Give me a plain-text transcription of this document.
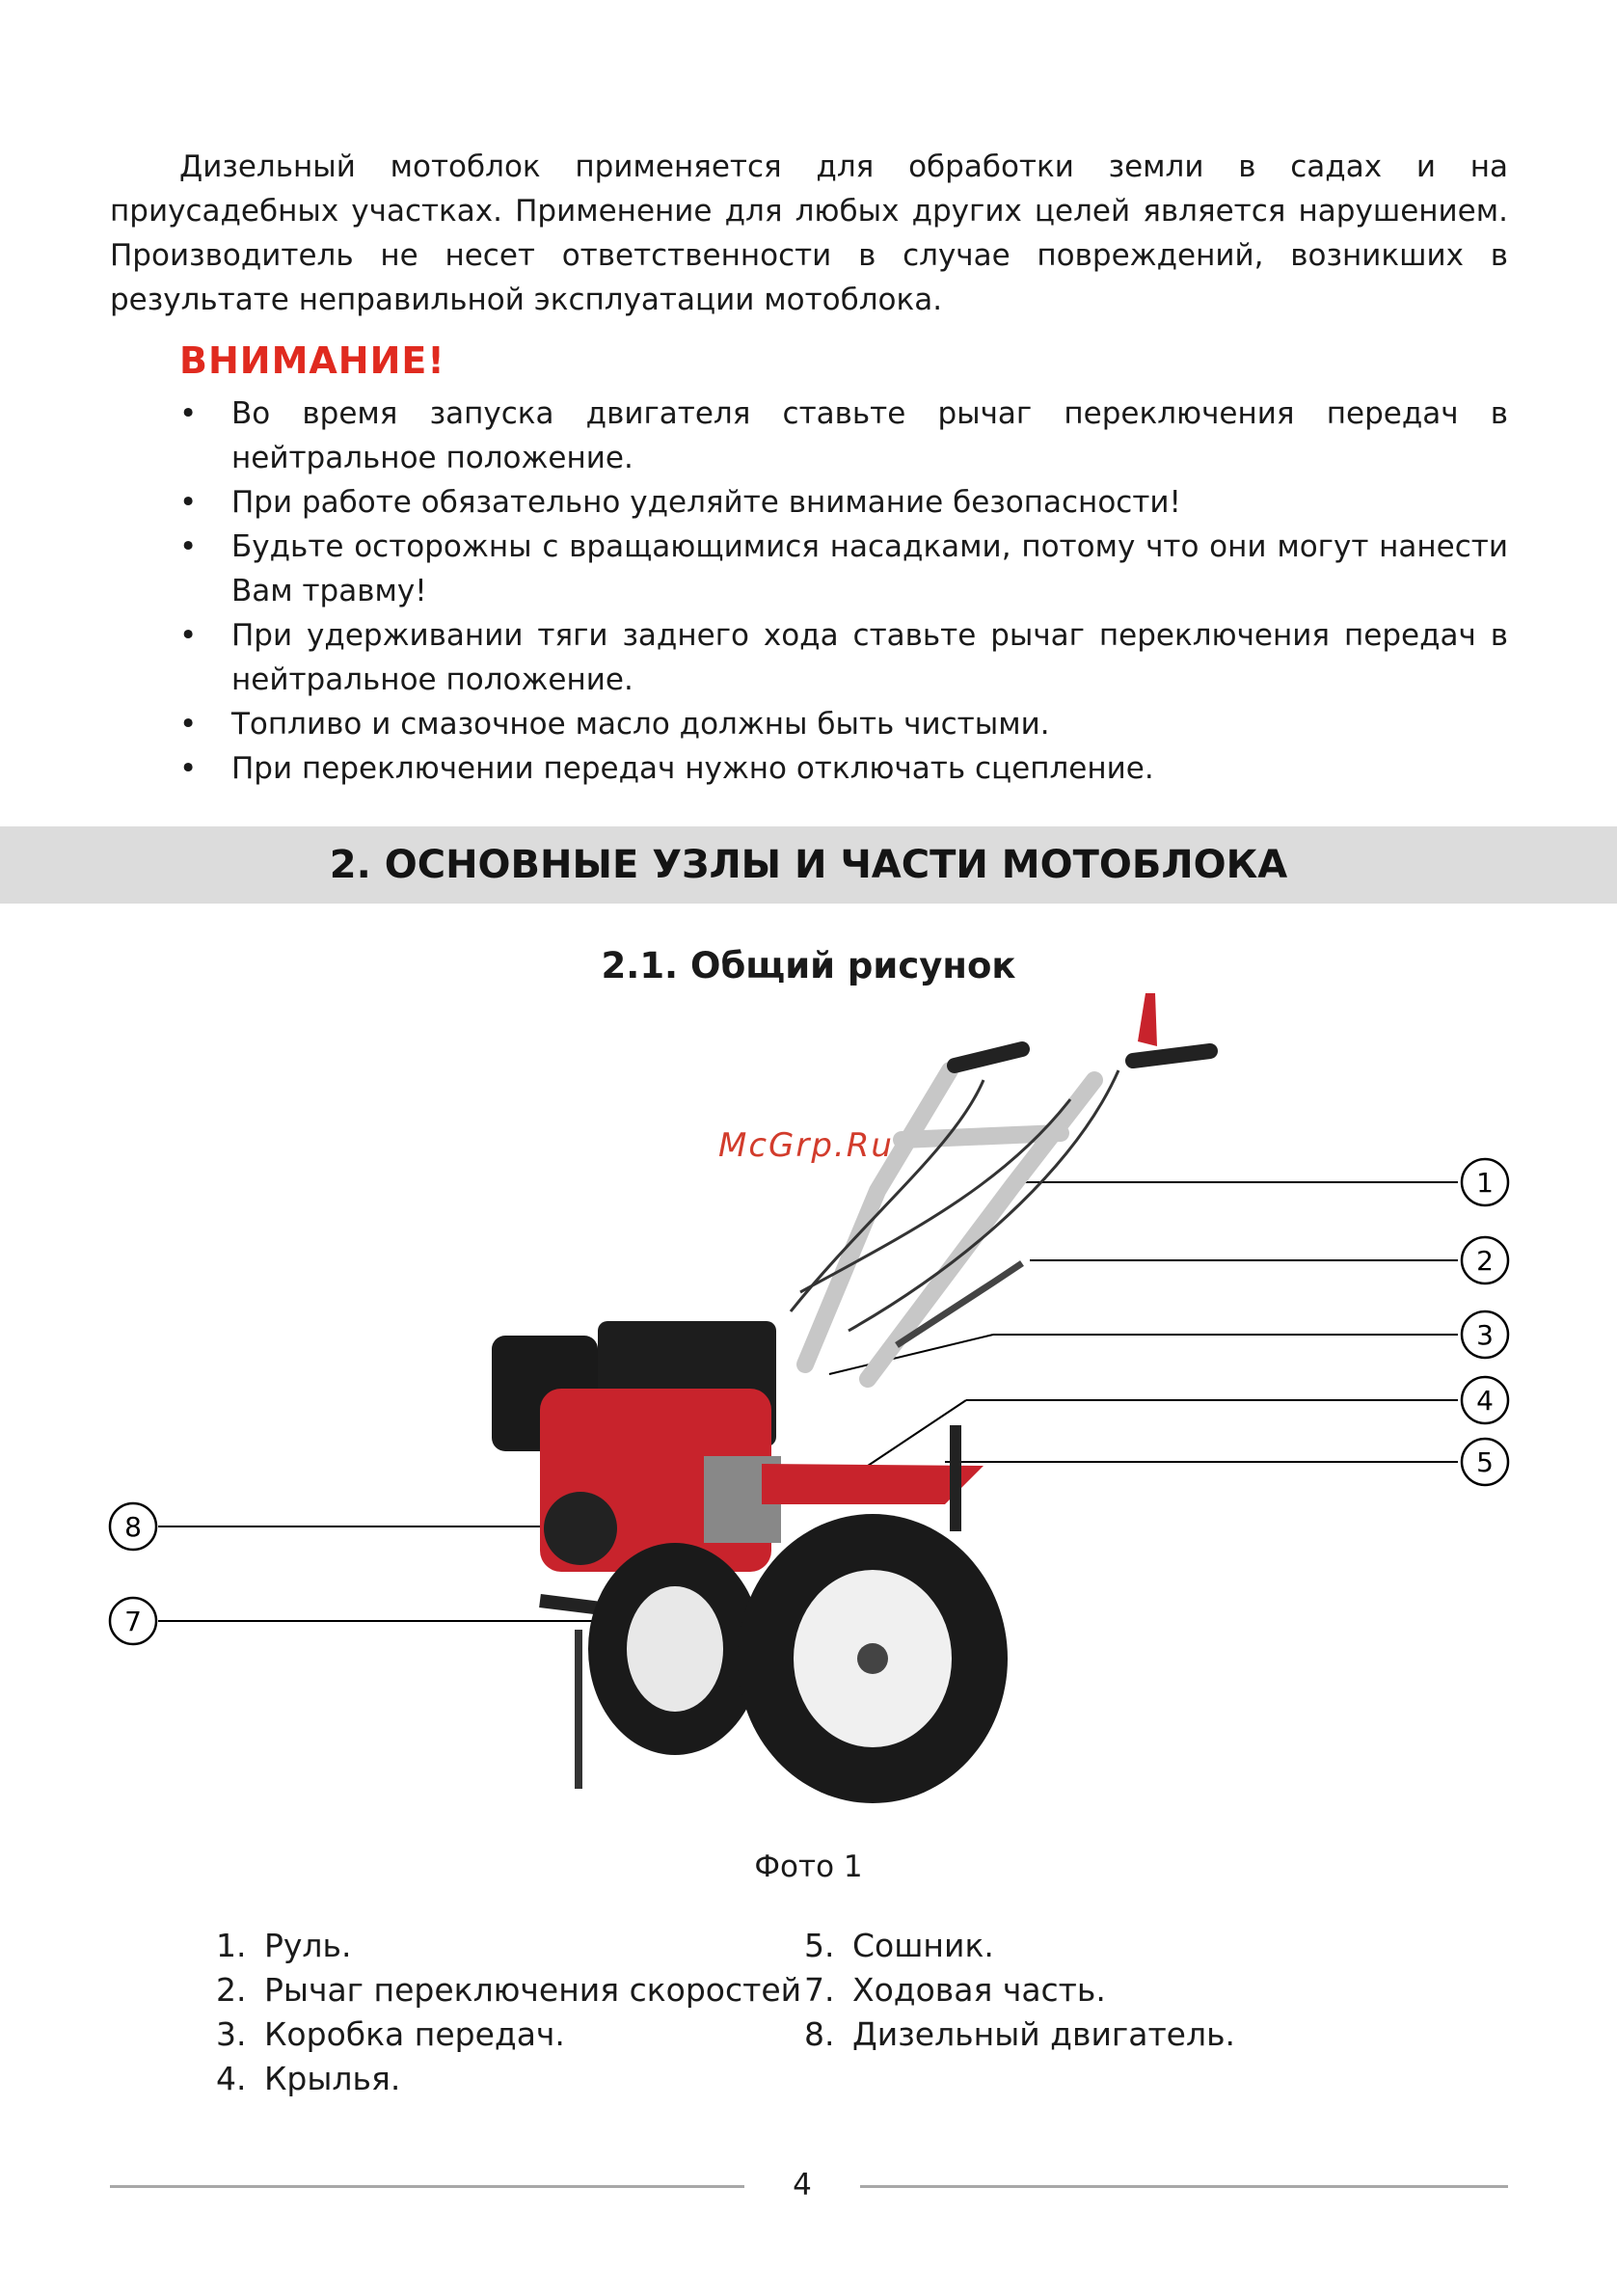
Дизельный мотоблок применяется для обработки земли в садах и на приусадебных участках. Применение для любых других целей является нарушением. Производитель не несет ответственности в случае повреждений, возникших в результате неправильной эксплуатации мотоблока.

ВНИМАНИЕ!
• Во время запуска двигателя ставьте рычаг переключения передач в нейтральное положение.
• При работе обязательно уделяйте внимание безопасности!
• Будьте осторожны с вращающимися насадками, потому что они могут нанести Вам травму!
• При удерживании тяги заднего хода ставьте рычаг переключения передач в нейтральное положение.
• Топливо и смазочное масло должны быть чистыми.
• При переключении передач нужно отключать сцепление.
2. ОСНОВНЫЕ УЗЛЫ И ЧАСТИ МОТОБЛОКА
2.1. Общий рисунок
1
2
3
4
5
8
7
McGrp.Ru
Фото 1
1. Руль.
2. Рычаг переключения скоростей
3. Коробка передач.
4. Крылья.
5. Сошник.
7. Ходовая часть.
8. Дизельный двигатель.
4
